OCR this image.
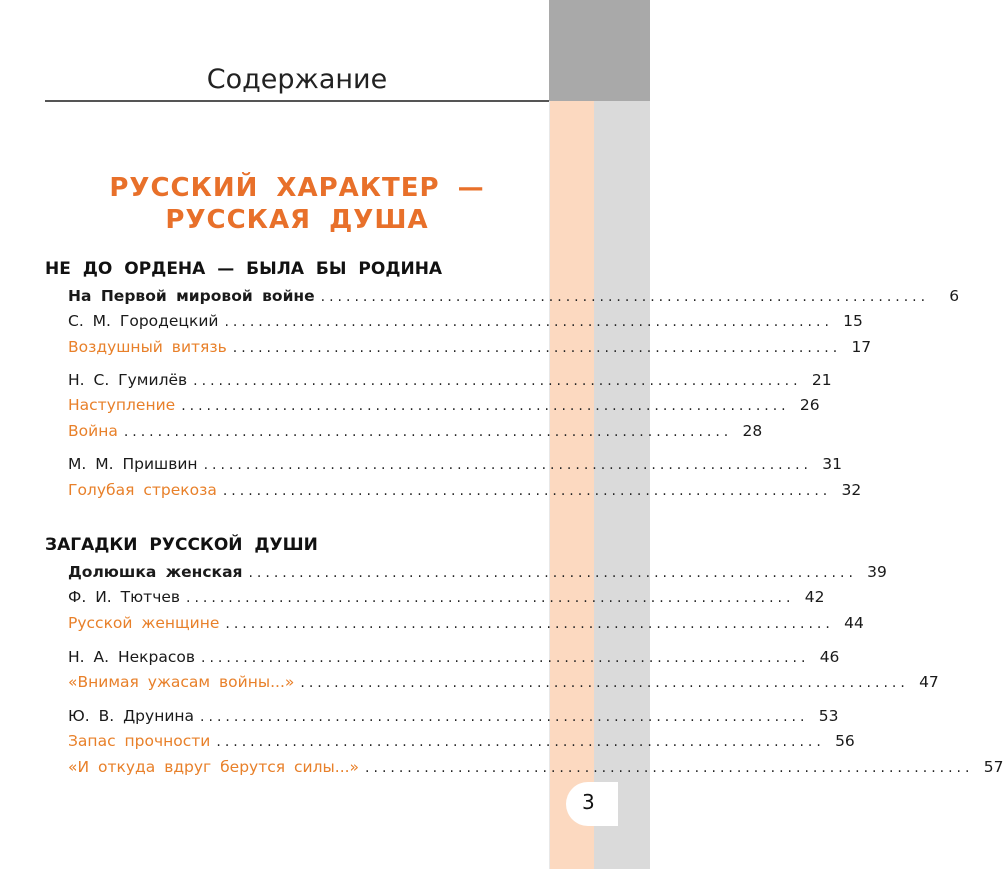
Содержание
РУССКИЙ ХАРАКТЕР —
РУССКАЯ ДУША
НЕ ДО ОРДЕНА — БЫЛА БЫ РОДИНА
На Первой мировой войне ........................................................................	6
С. М. Городецкий ........................................................................ 15
Воздушный витязь ........................................................................ 17
Н. С. Гумилёв ........................................................................ 21
Наступление ........................................................................ 26
Война ........................................................................ 28
М. М. Пришвин ........................................................................ 31
Голубая стрекоза ........................................................................ 32
ЗАГАДКИ РУССКОЙ ДУШИ
Долюшка женская ........................................................................ 39
Ф. И. Тютчев ........................................................................ 42
Русской женщине ........................................................................ 44
Н. А. Некрасов ........................................................................ 46
«Внимая ужасам войны...» ........................................................................ 47
Ю. В. Друнина ........................................................................ 53
Запас прочности ........................................................................ 56
«И откуда вдруг берутся силы...» ........................................................................ 57
3
